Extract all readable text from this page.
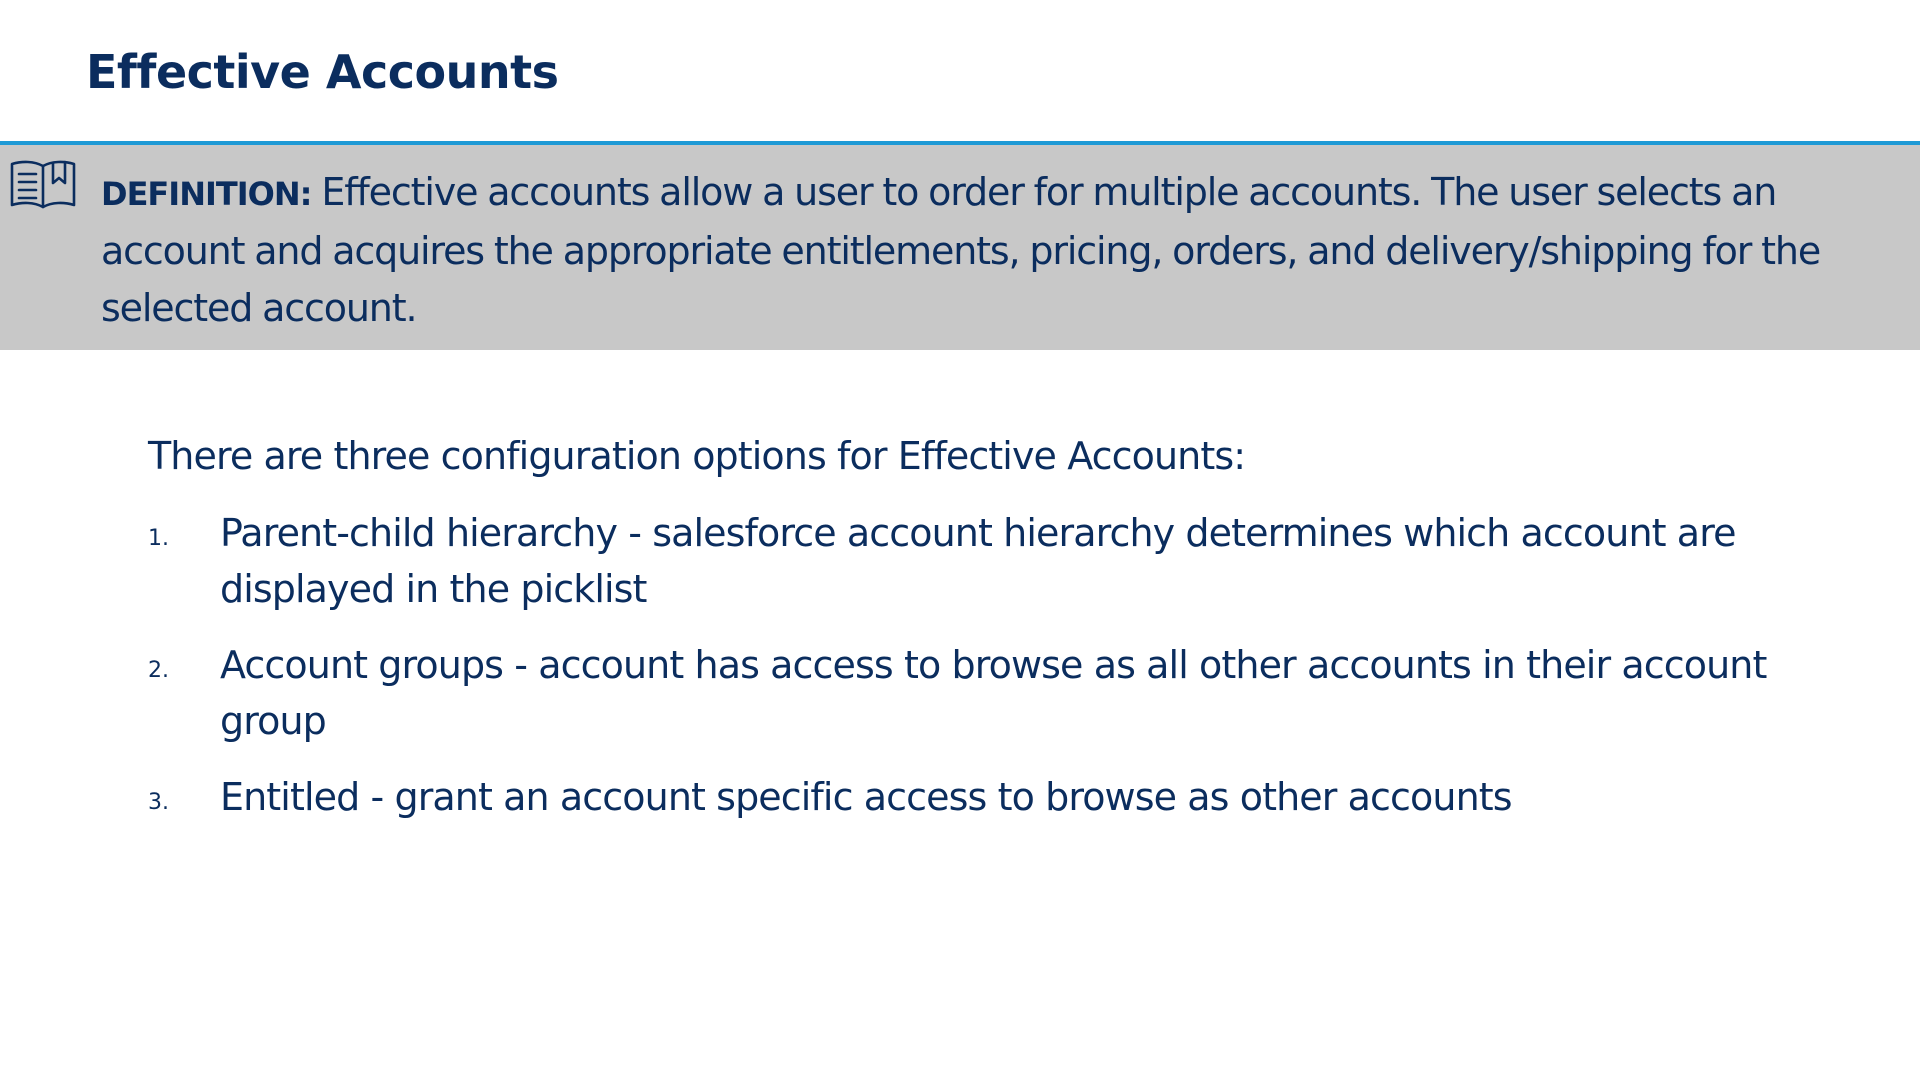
Effective Accounts
DEFINITION: Effective accounts allow a user to order for multiple accounts. The user selects an account and acquires the appropriate entitlements, pricing, orders, and delivery/shipping for the selected account.
There are three configuration options for Effective Accounts:
1. Parent-child hierarchy - salesforce account hierarchy determines which account are displayed in the picklist
2. Account groups - account has access to browse as all other accounts in their account group
3. Entitled - grant an account specific access to browse as other accounts
